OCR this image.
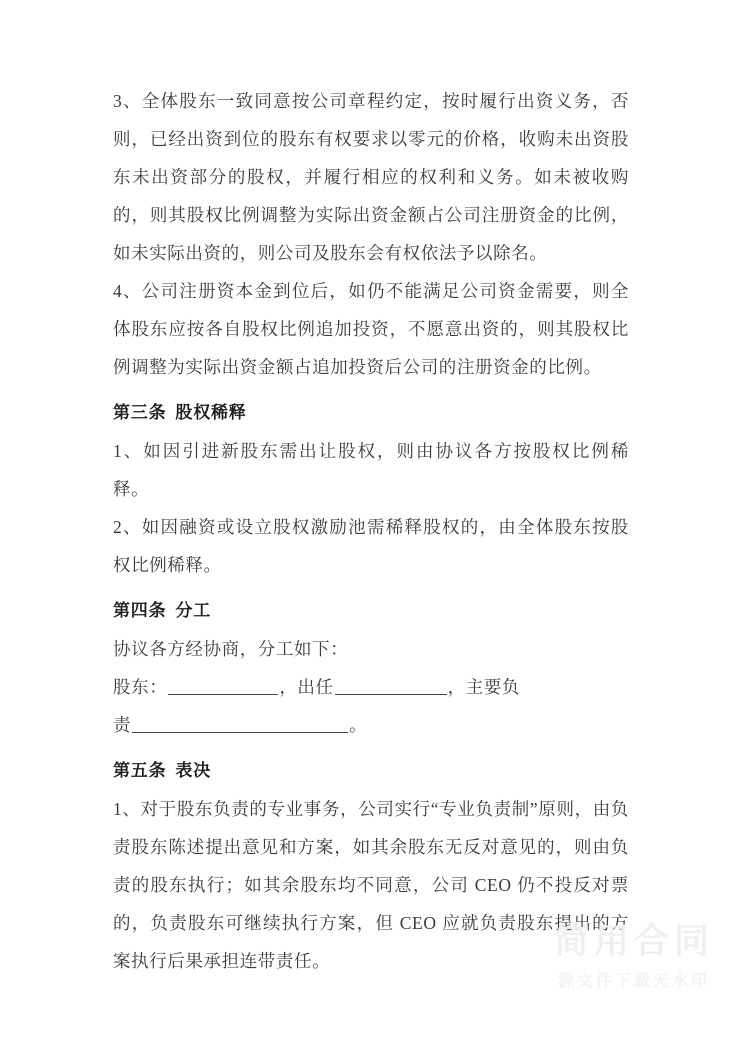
3、全体股东一致同意按公司章程约定，按时履行出资义务，否则，已经出资到位的股东有权要求以零元的价格，收购未出资股东未出资部分的股权，并履行相应的权利和义务。如未被收购的，则其股权比例调整为实际出资金额占公司注册资金的比例，如未实际出资的，则公司及股东会有权依法予以除名。

4、公司注册资本金到位后，如仍不能满足公司资金需要，则全体股东应按各自股权比例追加投资，不愿意出资的，则其股权比例调整为实际出资金额占追加投资后公司的注册资金的比例。

第三条 股权稀释

1、如因引进新股东需出让股权，则由协议各方按股权比例稀释。

2、如因融资或设立股权激励池需稀释股权的，由全体股东按股权比例稀释。

第四条 分工

协议各方经协商，分工如下：

股东：	，出任	，主要负

责	。

第五条 表决

1、对于股东负责的专业事务，公司实行“专业负责制”原则，由负责股东陈述提出意见和方案，如其余股东无反对意见的，则由负责的股东执行；如其余股东均不同意，公司 CEO 仍不投反对票的，负责股东可继续执行方案，但 CEO 应就负责股东提出的方案执行后果承担连带责任。	简用合同
源文件下载无水印
